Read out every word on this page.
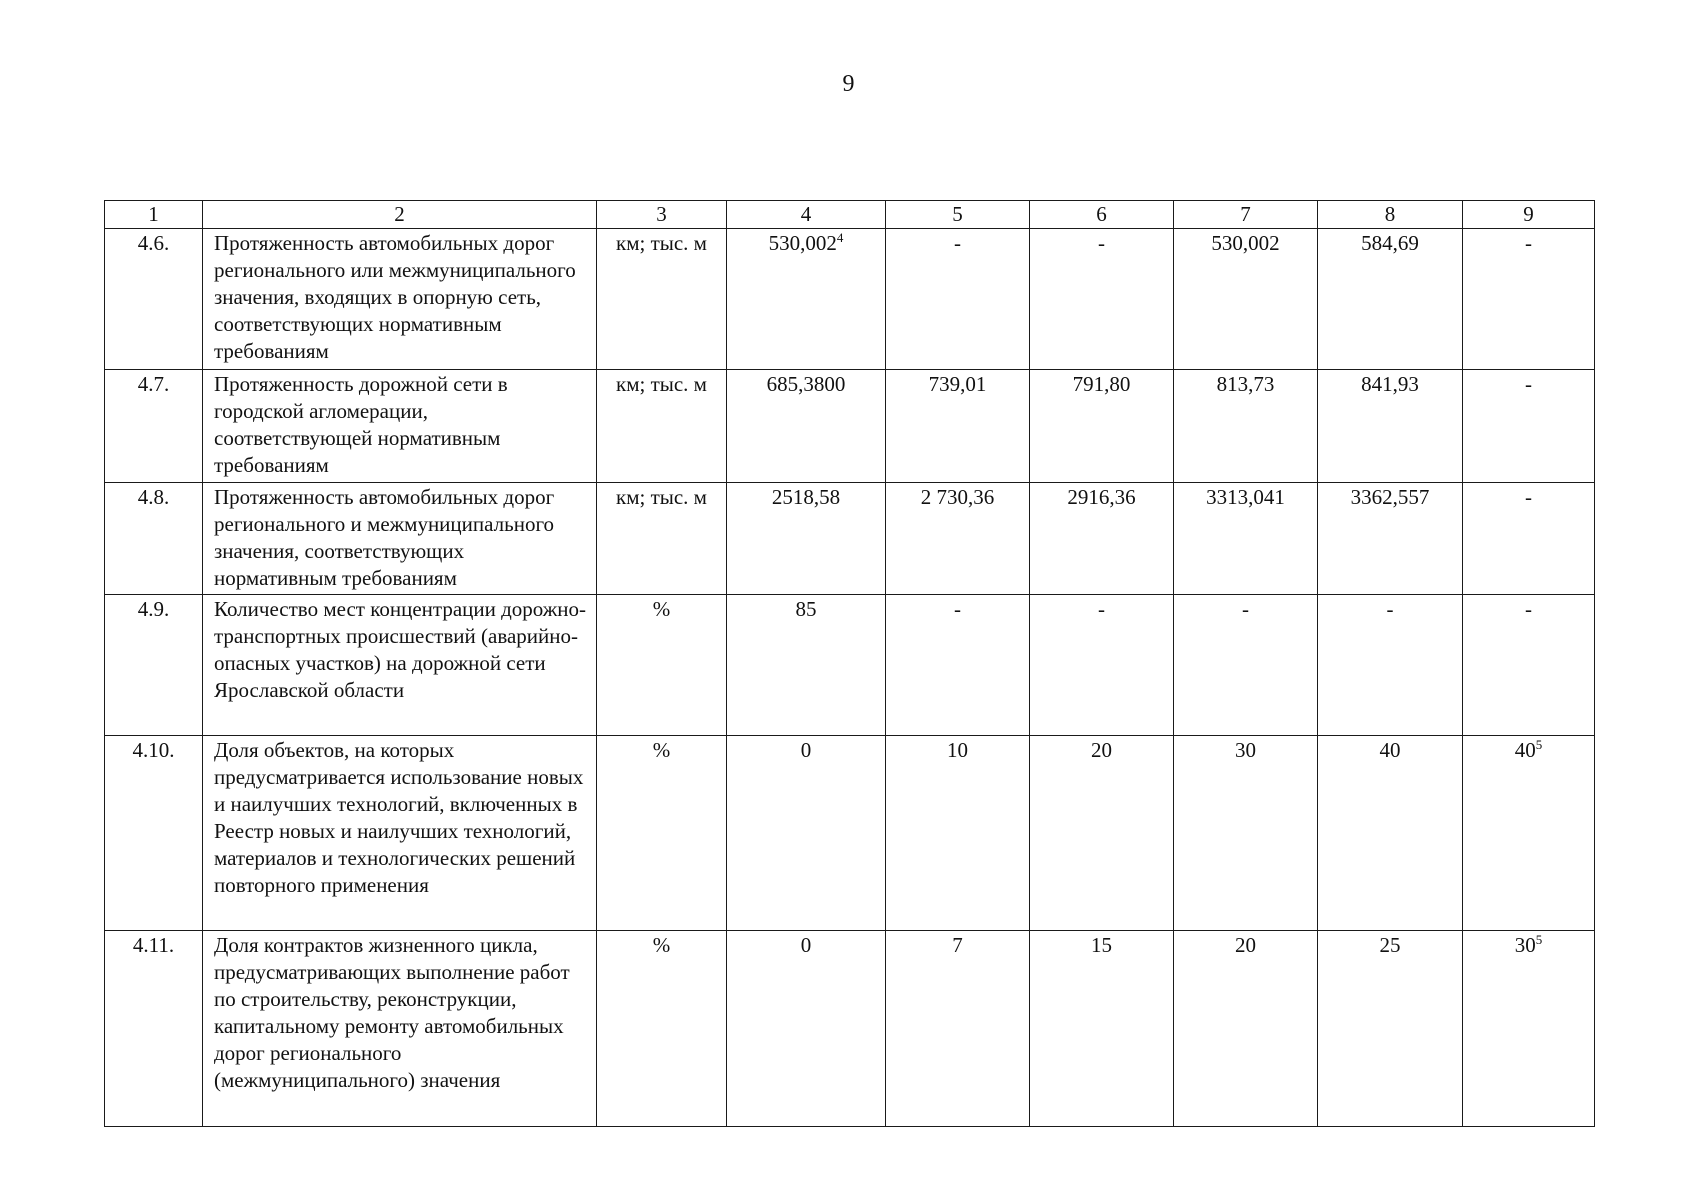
9
1	2	3	4	5	6	7	8	9
4.6.	Протяженность автомобильных дорог регионального или межмуниципального значения, входящих в опорную сеть, соответствующих нормативным требованиям	км; тыс. м	530,002$^4$	-	-	530,002	584,69	-
4.7.	Протяженность дорожной сети в городской агломерации, соответствующей нормативным требованиям	км; тыс. м	685,3800	739,01	791,80	813,73	841,93	-
4.8.	Протяженность автомобильных дорог регионального и межмуниципального значения, соответствующих нормативным требованиям	км; тыс. м	2518,58	2 730,36	2916,36	3313,041	3362,557	-
4.9.	Количество мест концентрации дорожно-транспортных происшествий (аварийно-опасных участков) на дорожной сети Ярославской области	%	85	-	-	-	-	-
4.10.	Доля объектов, на которых предусматривается использование новых и наилучших технологий, включенных в Реестр новых и наилучших технологий, материалов и технологических решений повторного применения	%	0	10	20	30	40	$40^5$
4.11.	Доля контрактов жизненного цикла, предусматривающих выполнение работ по строительству, реконструкции, капитальному ремонту автомобильных дорог регионального (межмуниципального) значения	%	0	7	15	20	25	$30^5$
